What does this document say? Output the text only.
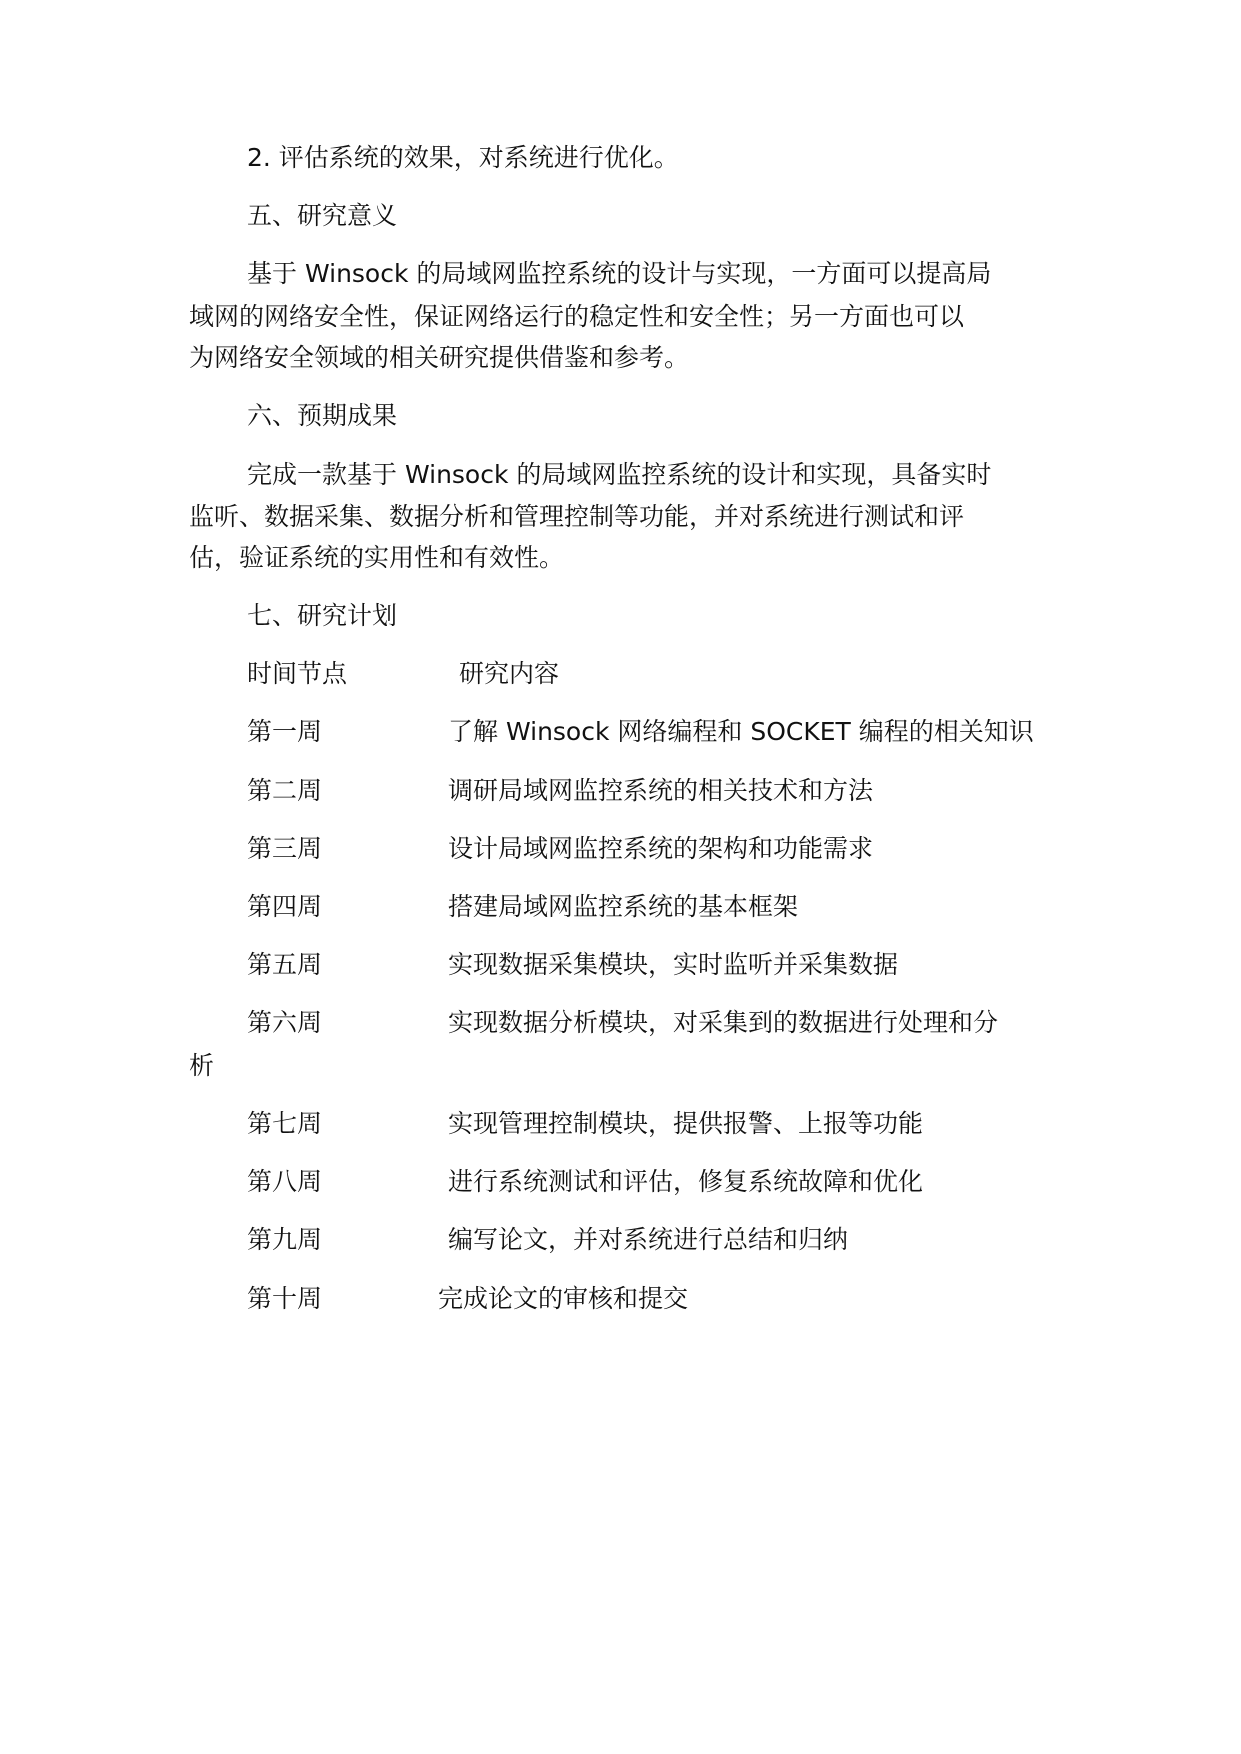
2. 评估系统的效果，对系统进行优化。
五、研究意义
基于 Winsock 的局域网监控系统的设计与实现，一方面可以提高局
域网的网络安全性，保证网络运行的稳定性和安全性；另一方面也可以
为网络安全领域的相关研究提供借鉴和参考。
六、预期成果
完成一款基于 Winsock 的局域网监控系统的设计和实现，具备实时
监听、数据采集、数据分析和管理控制等功能，并对系统进行测试和评
估，验证系统的实用性和有效性。
七、研究计划
时间节点	研究内容
第一周	了解 Winsock 网络编程和 SOCKET 编程的相关知识
第二周	调研局域网监控系统的相关技术和方法
第三周	设计局域网监控系统的架构和功能需求
第四周	搭建局域网监控系统的基本框架
第五周	实现数据采集模块，实时监听并采集数据
第六周	实现数据分析模块，对采集到的数据进行处理和分
析
第七周	实现管理控制模块，提供报警、上报等功能
第八周	进行系统测试和评估，修复系统故障和优化
第九周	编写论文，并对系统进行总结和归纳
第十周	完成论文的审核和提交
